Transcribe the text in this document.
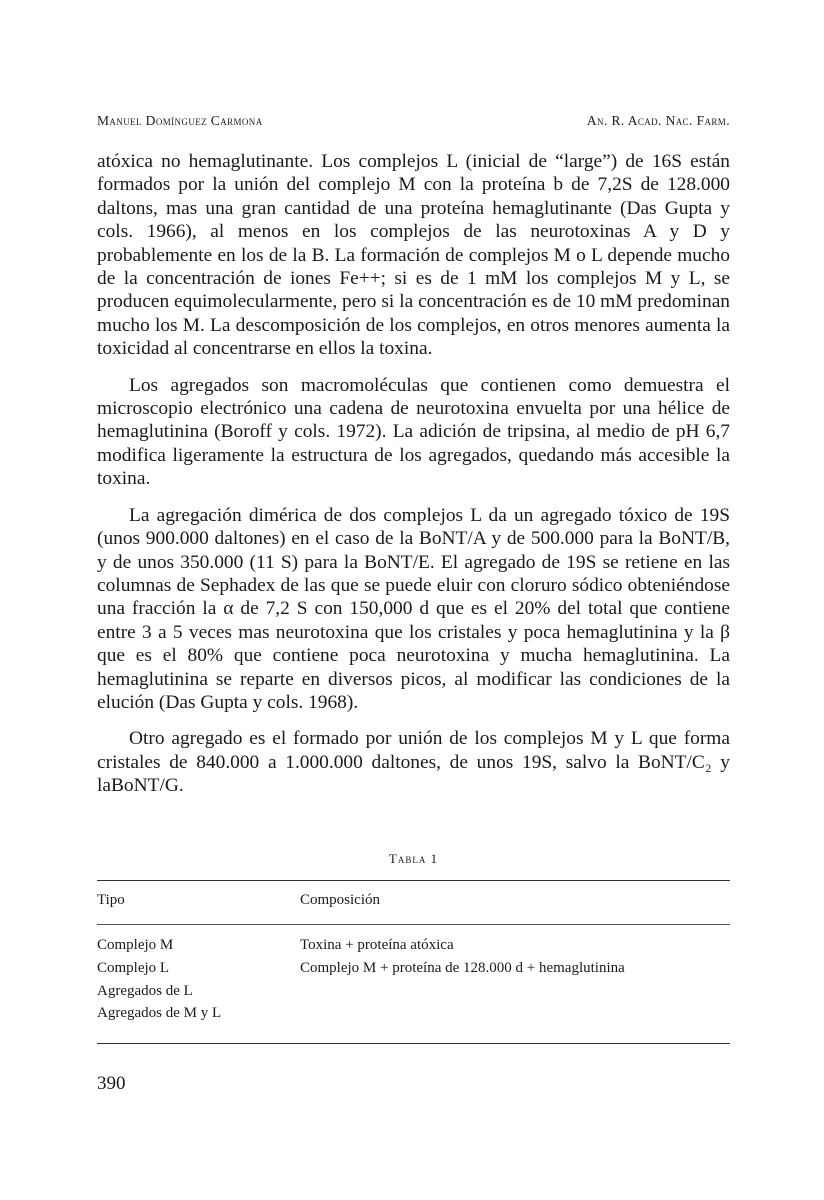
Manuel Domínguez Carmona	An. R. Acad. Nac. Farm.

atóxica no hemaglutinante. Los complejos L (inicial de “large”) de 16S están formados por la unión del complejo M con la proteína b de 7,2S de 128.000 daltons, mas una gran cantidad de una proteína hemaglutinante (Das Gupta y cols. 1966), al menos en los complejos de las neurotoxinas A y D y probablemente en los de la B. La formación de complejos M o L depende mucho de la concentración de iones Fe++; si es de 1 mM los complejos M y L, se producen equimolecularmente, pero si la concentración es de 10 mM predominan mucho los M. La descomposición de los complejos, en otros menores aumenta la toxicidad al concentrarse en ellos la toxina.

Los agregados son macromoléculas que contienen como demuestra el microscopio electrónico una cadena de neurotoxina envuelta por una hélice de hemaglutinina (Boroff y cols. 1972). La adición de tripsina, al medio de pH 6,7 modifica ligeramente la estructura de los agregados, quedando más accesible la toxina.

La agregación dimérica de dos complejos L da un agregado tóxico de 19S (unos 900.000 daltones) en el caso de la BoNT/A y de 500.000 para la BoNT/B, y de unos 350.000 (11 S) para la BoNT/E. El agregado de 19S se retiene en las columnas de Sephadex de las que se puede eluir con cloruro sódico obteniéndose una fracción la α de 7,2 S con 150,000 d que es el 20% del total que contiene entre 3 a 5 veces mas neurotoxina que los cristales y poca hemaglutinina y la β que es el 80% que contiene poca neurotoxina y mucha hemaglutinina. La hemaglutinina se reparte en diversos picos, al modificar las condiciones de la elución (Das Gupta y cols. 1968).

Otro agregado es el formado por unión de los complejos M y L que forma cristales de 840.000 a 1.000.000 daltones, de unos 19S, salvo la BoNT/C₂ y laBoNT/G.

Tabla 1
Tipo	Composición
Complejo M	Toxina + proteína atóxica
Complejo L	Complejo M + proteína de 128.000 d + hemaglutinina
Agregados de L	
Agregados de M y L	
390
